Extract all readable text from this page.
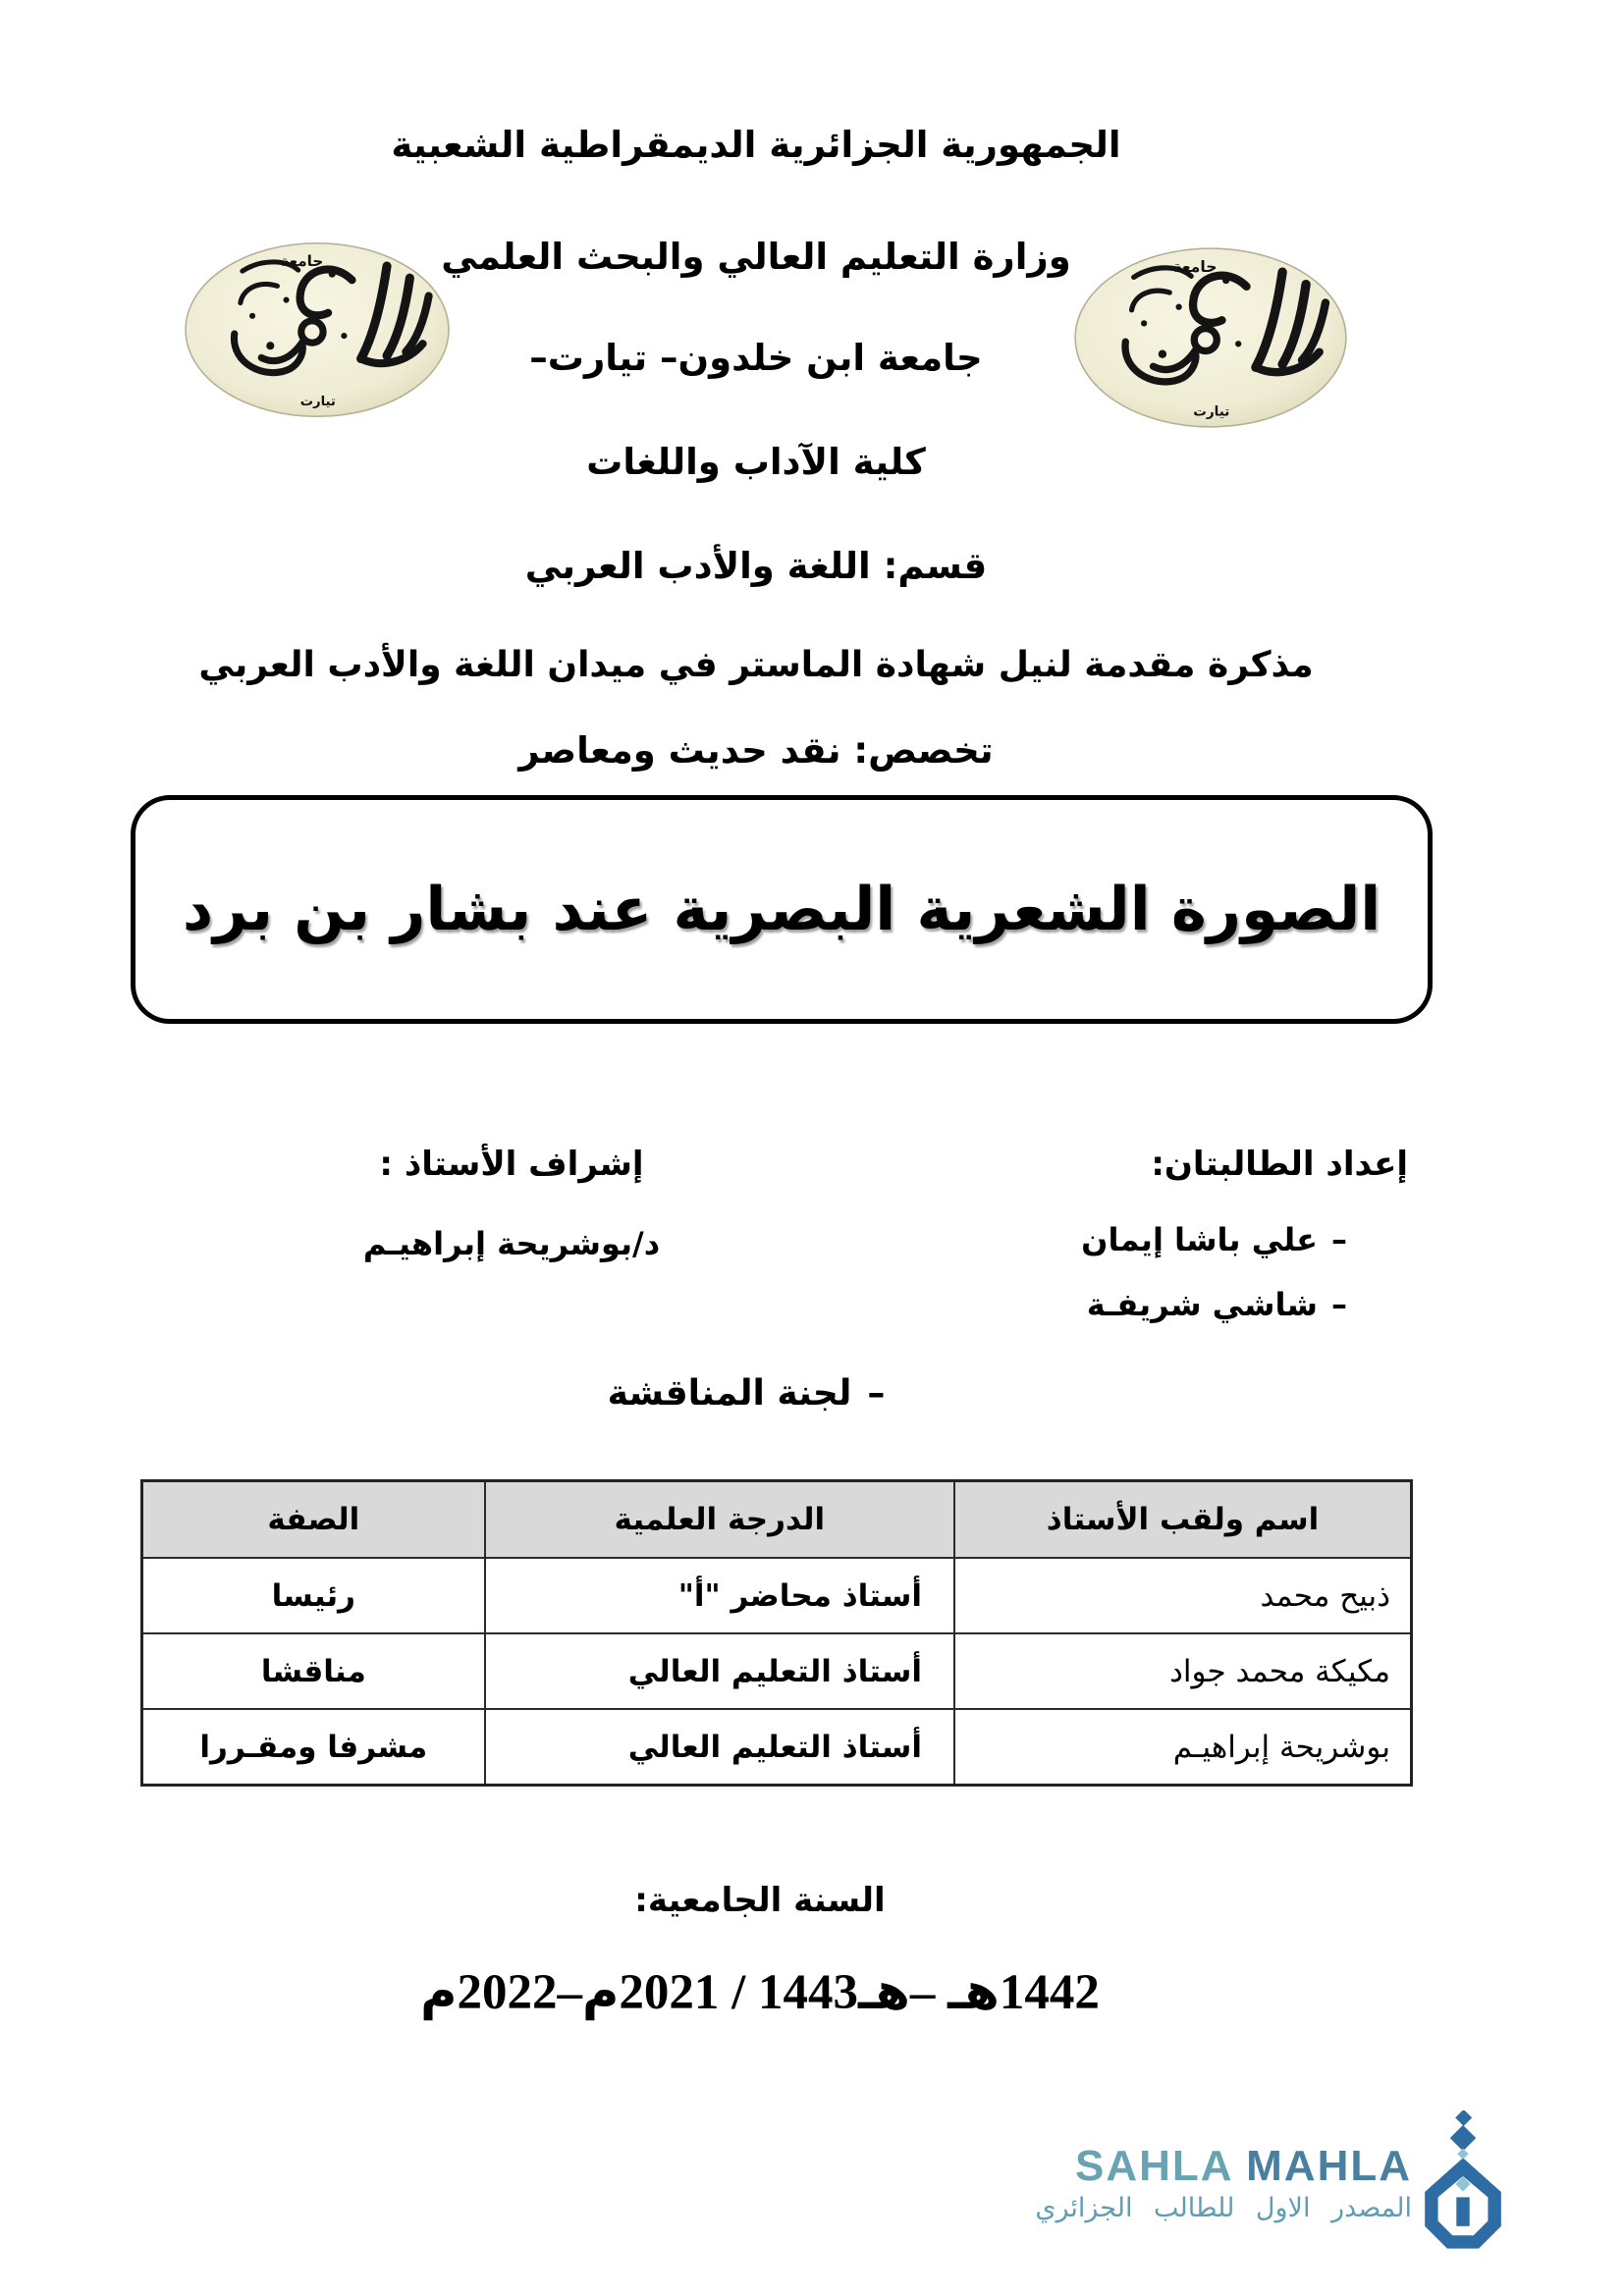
الجمهورية الجزائرية الديمقراطية الشعبية
وزارة التعليم العالي والبحث العلمي
جامعة ابن خلدون– تيارت–
كلية الآداب واللغات
قسم: اللغة والأدب العربي
مذكرة مقدمة لنيل شهادة الماستر في ميدان اللغة والأدب العربي
تخصص: نقد حديث ومعاصر
جامعة
تيارت
جامعة
تيارت
الصورة الشعرية البصرية عند بشار بن برد
إعداد الطالبتان:
–علي باشا إيمان
–شاشي شريفـة
إشراف الأستاذ :
د/بوشريحة إبراهيـم
–لجنة المناقشة
اسم ولقب الأستاذ	الدرجة العلمية	الصفة
ذبيح محمد	أستاذ محاضر "أ"	رئيسا
مكيكة محمد جواد	أستاذ التعليم العالي	مناقشا
بوشريحة إبراهيـم	أستاذ التعليم العالي	مشرفا ومقـررا
السنة الجامعية:
1442هـ –هـ1443 / 2021م–2022م
SAHLA MAHLA
المصدر الاول للطالب الجزائري
